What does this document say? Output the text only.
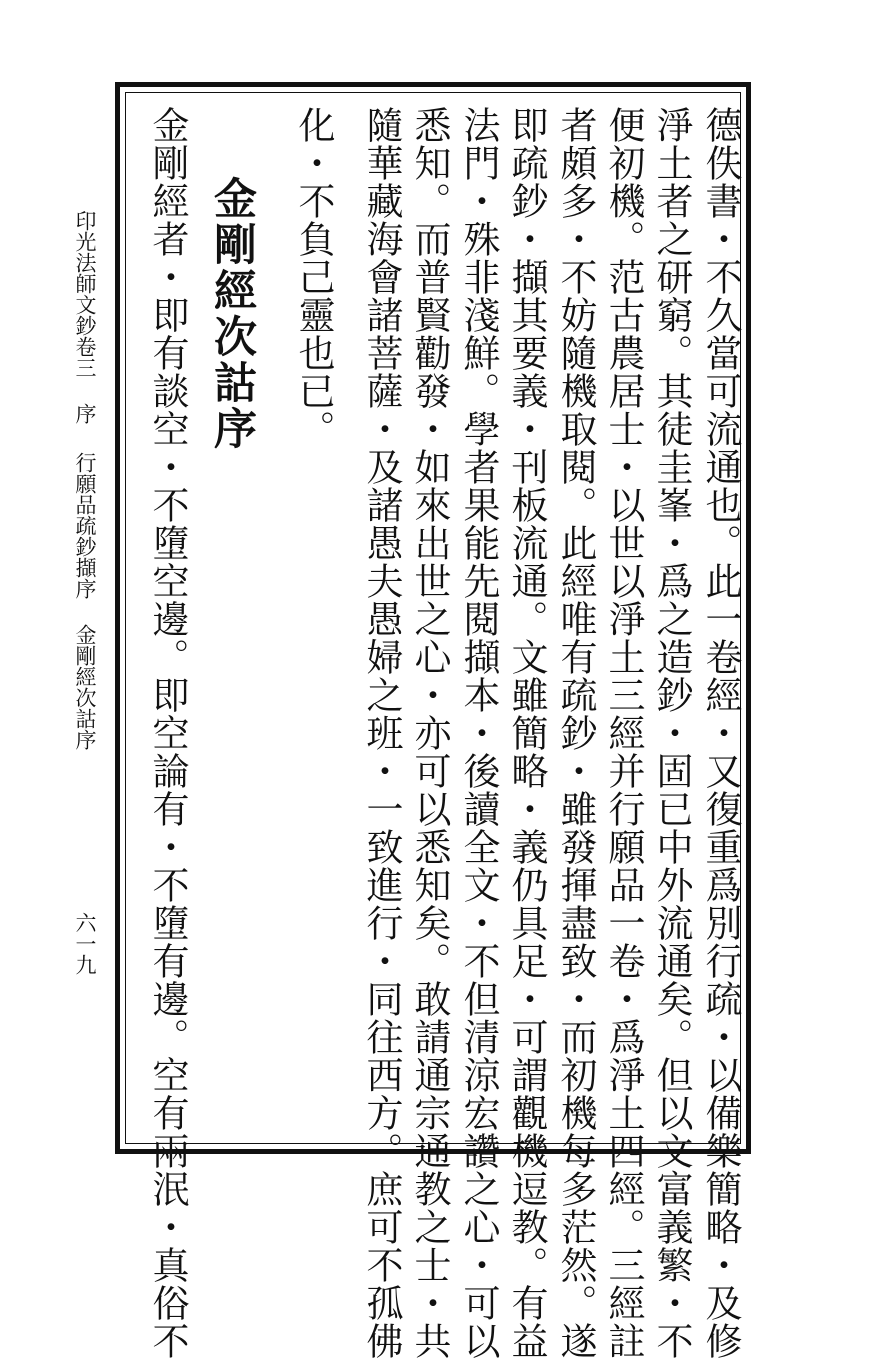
德佚書・不久當可流通也。此一卷經・又復重爲別行疏・以備樂簡略・及修
淨土者之研窮。其徒圭峯・爲之造鈔・固已中外流通矣。但以文富義繁・不
便初機。范古農居士・以世以淨土三經并行願品一卷・爲淨土四經。三經註
者頗多・不妨隨機取閱。此經唯有疏鈔・雖發揮盡致・而初機每多茫然。遂
即疏鈔・擷其要義・刊板流通。文雖簡略・義仍具足・可謂觀機逗教。有益
法門・殊非淺鮮。學者果能先閱擷本・後讀全文・不但清涼宏讚之心・可以
悉知。而普賢勸發・如來出世之心・亦可以悉知矣。敢請通宗通教之士・共
隨華藏海會諸菩薩・及諸愚夫愚婦之班・一致進行・同往西方。庶可不孤佛
化・不負己靈也已。
金剛經次詁序
金剛經者・即有談空・不墮空邊。即空論有・不墮有邊。空有兩泯・真俗不
印光法師文鈔卷三
序
行願品疏鈔擷序
金剛經次詁序
六一九
